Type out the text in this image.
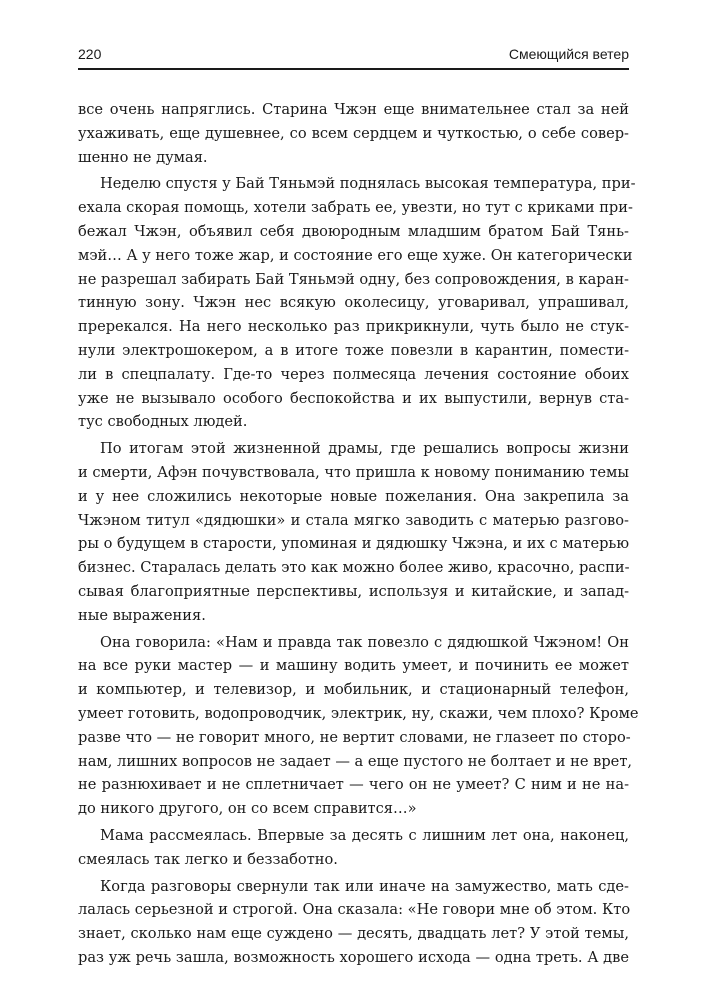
220	Смеющийся ветер
все очень напряглись. Старина Чжэн еще внимательнее стал за ней
ухаживать, еще душевнее, со всем сердцем и чуткостью, о себе совер-
шенно не думая.
Неделю спустя у Бай Тяньмэй поднялась высокая температура, при-
ехала скорая помощь, хотели забрать ее, увезти, но тут с криками при-
бежал Чжэн, объявил себя двоюродным младшим братом Бай Тянь-
мэй… А у него тоже жар, и состояние его еще хуже. Он категорически
не разрешал забирать Бай Тяньмэй одну, без сопровождения, в каран-
тинную зону. Чжэн нес всякую околесицу, уговаривал, упрашивал,
пререкался. На него несколько раз прикрикнули, чуть было не стук-
нули электрошокером, а в итоге тоже повезли в карантин, помести-
ли в спецпалату. Где-то через полмесяца лечения состояние обоих
уже не вызывало особого беспокойства и их выпустили, вернув ста-
тус свободных людей.
По итогам этой жизненной драмы, где решались вопросы жизни
и смерти, Афэн почувствовала, что пришла к новому пониманию темы
и у нее сложились некоторые новые пожелания. Она закрепила за
Чжэном титул «дядюшки» и стала мягко заводить с матерью разгово-
ры о будущем в старости, упоминая и дядюшку Чжэна, и их с матерью
бизнес. Старалась делать это как можно более живо, красочно, распи-
сывая благоприятные перспективы, используя и китайские, и запад-
ные выражения.
Она говорила: «Нам и правда так повезло с дядюшкой Чжэном! Он
на все руки мастер — и машину водить умеет, и починить ее может
и компьютер, и телевизор, и мобильник, и стационарный телефон,
умеет готовить, водопроводчик, электрик, ну, скажи, чем плохо? Кроме
разве что — не говорит много, не вертит словами, не глазеет по сторо-
нам, лишних вопросов не задает — а еще пустого не болтает и не врет,
не разнюхивает и не сплетничает — чего он не умеет? С ним и не на-
до никого другого, он со всем справится…»
Мама рассмеялась. Впервые за десять с лишним лет она, наконец,
смеялась так легко и беззаботно.
Когда разговоры свернули так или иначе на замужество, мать сде-
лалась серьезной и строгой. Она сказала: «Не говори мне об этом. Кто
знает, сколько нам еще суждено — десять, двадцать лет? У этой темы,
раз уж речь зашла, возможность хорошего исхода — одна треть. А две
